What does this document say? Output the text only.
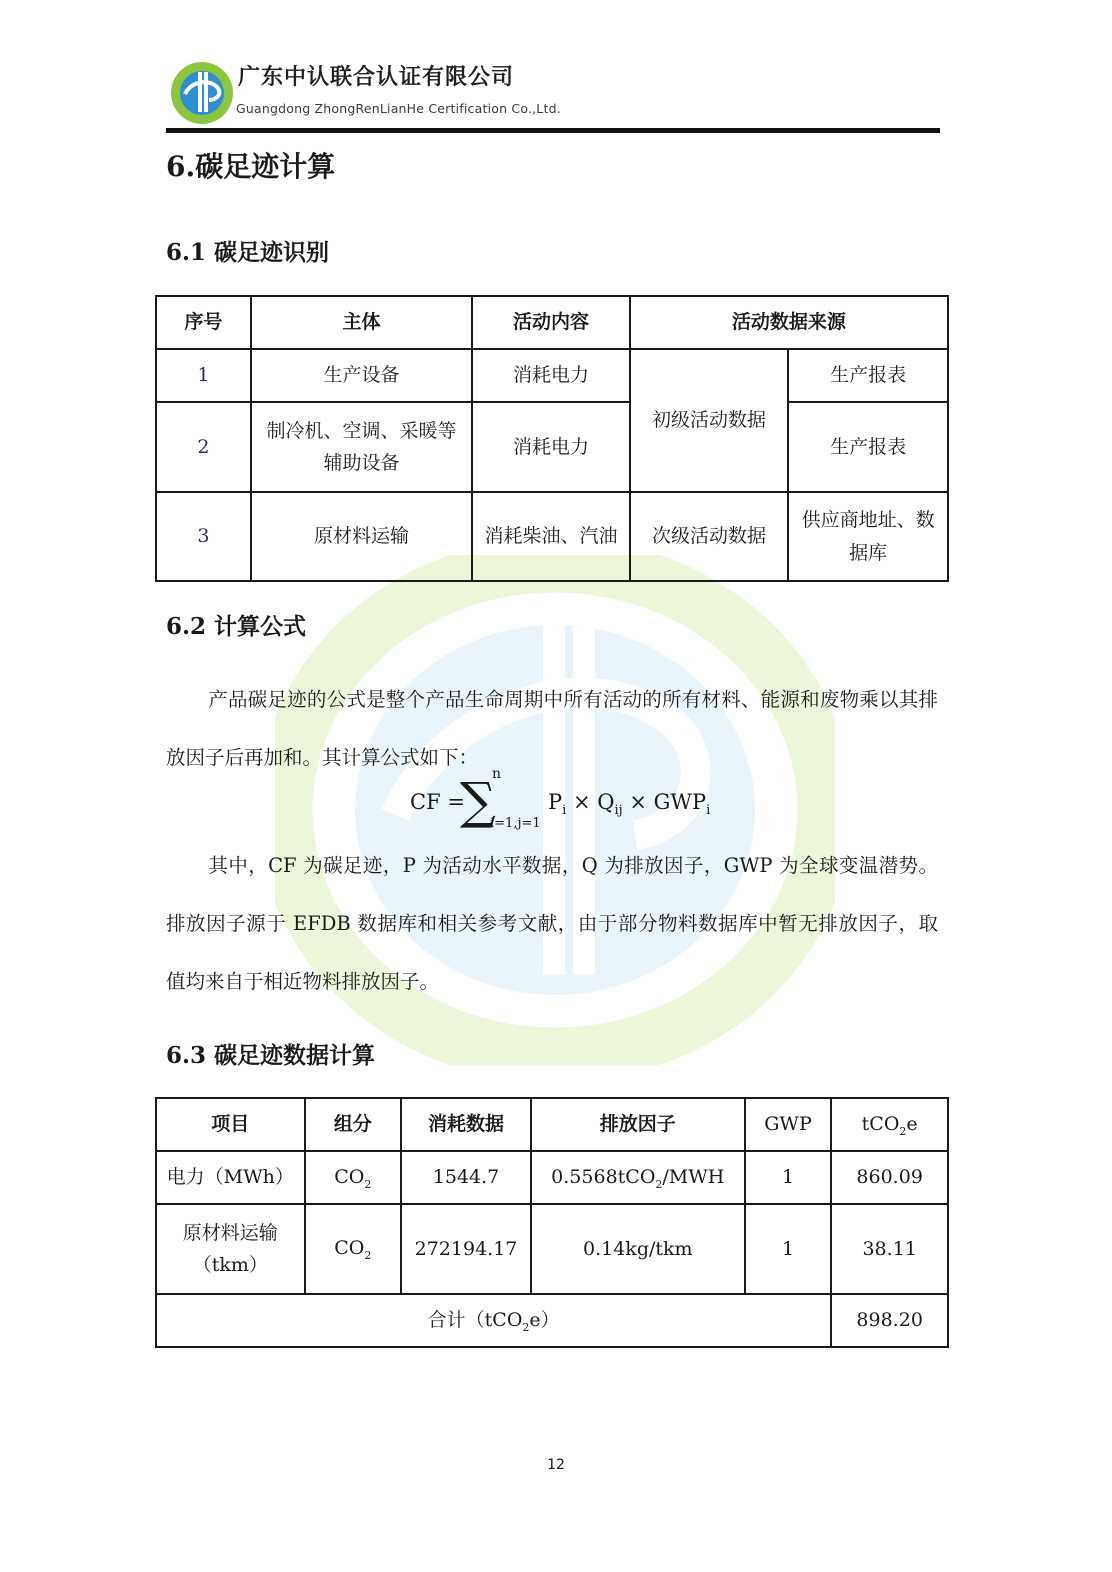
广东中认联合认证有限公司
Guangdong ZhongRenLianHe Certification Co.,Ltd.
6.碳足迹计算
6.1 碳足迹识别
序号	主体	活动内容	活动数据来源	
1	生产设备	消耗电力	初级活动数据	生产报表
2	制冷机、空调、采暖等辅助设备	消耗电力		生产报表
3	原材料运输	消耗柴油、汽油	次级活动数据	供应商地址、数据库
6.2 计算公式
产品碳足迹的公式是整个产品生命周期中所有活动的所有材料、能源和废物乘以其排放因子后再加和。其计算公式如下：
CF =
∑
n
i=1,j=1
$P_i \times Q_{ij} \times GWP_i$
其中，CF 为碳足迹，P 为活动水平数据，Q 为排放因子，GWP 为全球变温潜势。排放因子源于 EFDB 数据库和相关参考文献，由于部分物料数据库中暂无排放因子，取值均来自于相近物料排放因子。
6.3 碳足迹数据计算
项目	组分	消耗数据	排放因子	GWP	tCO$_2$e
电力（MWh）	$CO_2$	1544.7	0.5568tCO$_2$/MWH	1	860.09
原材料运输（tkm）	$CO_2$	272194.17	0.14kg/tkm	1	38.11
合计（tCO$_2$e）					898.20
12
